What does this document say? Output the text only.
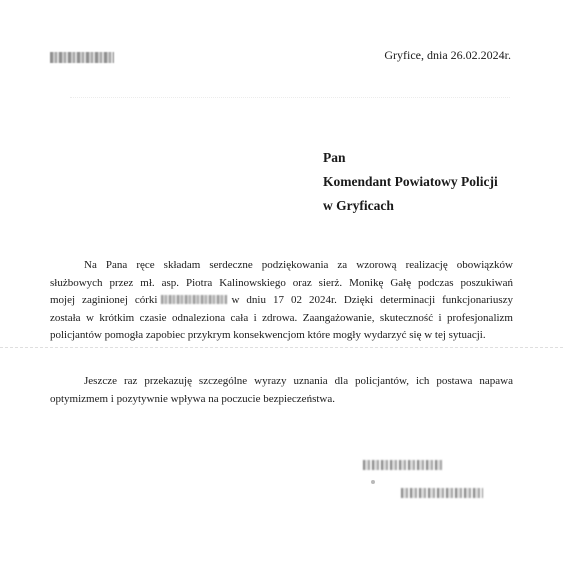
Gryfice, dnia 26.02.2024r.
Pan
Komendant Powiatowy Policji
w Gryficach
Na Pana ręce składam serdeczne podziękowania za wzorową realizację obowiązków
służbowych przez mł. asp. Piotra Kalinowskiego oraz sierż. Monikę Gałę podczas poszukiwań
mojej zaginionej córki	w dniu 17 02 2024r. Dzięki determinacji funkcjonariuszy
została w krótkim czasie odnaleziona cała i zdrowa. Zaangażowanie, skuteczność i profesjonalizm
policjantów pomogła zapobiec przykrym konsekwencjom które mogły wydarzyć się w tej sytuacji.
Jeszcze raz przekazuję szczególne wyrazy uznania dla policjantów, ich postawa napawa
optymizmem i pozytywnie wpływa na poczucie bezpieczeństwa.
